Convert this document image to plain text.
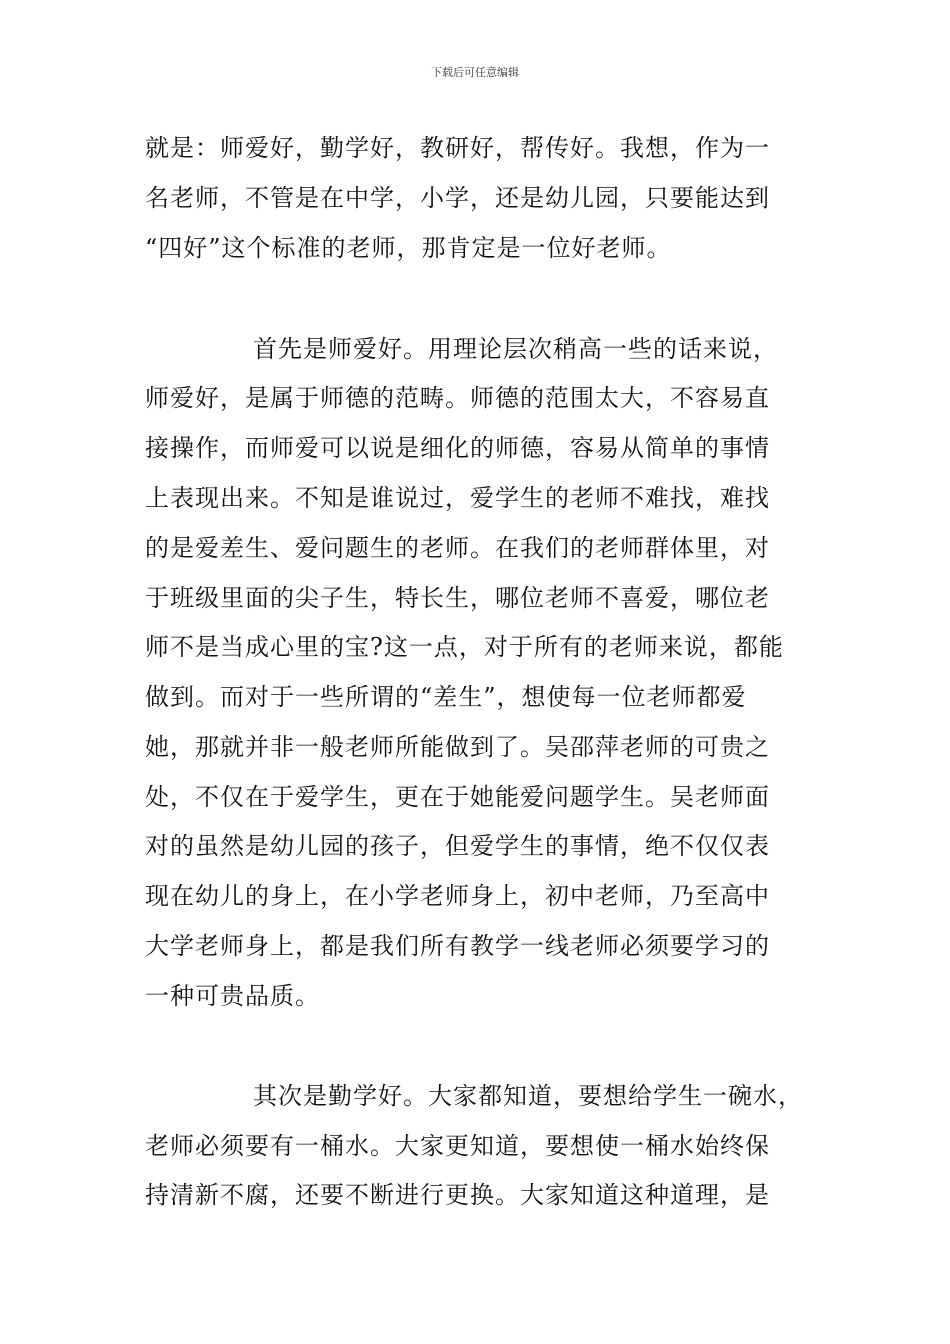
下载后可任意编辑
就是：师爱好，勤学好，教研好，帮传好。我想，作为一
名老师，不管是在中学，小学，还是幼儿园，只要能达到
“四好”这个标准的老师，那肯定是一位好老师。
首先是师爱好。用理论层次稍高一些的话来说，
师爱好，是属于师德的范畴。师德的范围太大，不容易直
接操作，而师爱可以说是细化的师德，容易从简单的事情
上表现出来。不知是谁说过，爱学生的老师不难找，难找
的是爱差生、爱问题生的老师。在我们的老师群体里，对
于班级里面的尖子生，特长生，哪位老师不喜爱，哪位老
师不是当成心里的宝?这一点，对于所有的老师来说，都能
做到。而对于一些所谓的“差生”，想使每一位老师都爱
她，那就并非一般老师所能做到了。吴邵萍老师的可贵之
处，不仅在于爱学生，更在于她能爱问题学生。吴老师面
对的虽然是幼儿园的孩子，但爱学生的事情，绝不仅仅表
现在幼儿的身上，在小学老师身上，初中老师，乃至高中
大学老师身上，都是我们所有教学一线老师必须要学习的
一种可贵品质。
其次是勤学好。大家都知道，要想给学生一碗水，
老师必须要有一桶水。大家更知道，要想使一桶水始终保
持清新不腐，还要不断进行更换。大家知道这种道理，是
